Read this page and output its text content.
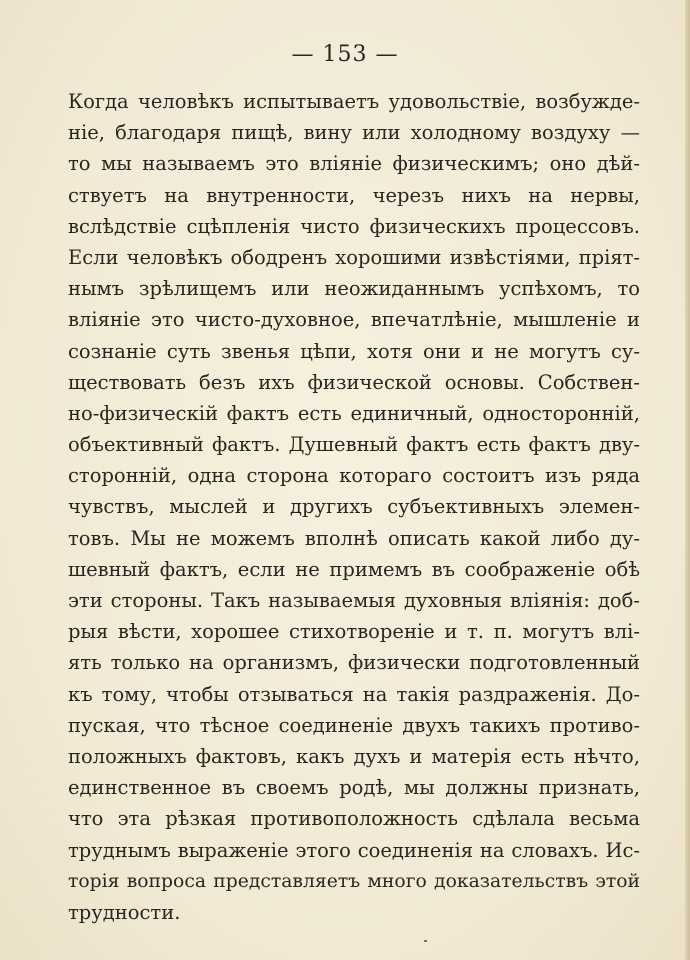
— 153 —
Когда человѣкъ испытываетъ удовольствіе, возбужде-
ніе, благодаря пищѣ, вину или холодному воздуху —
то мы называемъ это вліяніе физическимъ; оно дѣй-
ствуетъ на внутренности, черезъ нихъ на нервы,
вслѣдствіе сцѣпленія чисто физическихъ процессовъ.
Если человѣкъ ободренъ хорошими извѣстіями, пріят-
нымъ зрѣлищемъ или неожиданнымъ успѣхомъ, то
вліяніе это чисто-духовное, впечатлѣніе, мышленіе и
сознаніе суть звенья цѣпи, хотя они и не могутъ су-
ществовать безъ ихъ физической основы. Собствен-
но-физическій фактъ есть единичный, односторонній,
объективный фактъ. Душевный фактъ есть фактъ дву-
сторонній, одна сторона котораго состоитъ изъ ряда
чувствъ, мыслей и другихъ субъективныхъ элемен-
товъ. Мы не можемъ вполнѣ описать какой либо ду-
шевный фактъ, если не примемъ въ соображеніе обѣ
эти стороны. Такъ называемыя духовныя вліянія: доб-
рыя вѣсти, хорошее стихотвореніе и т. п. могутъ влі-
ять только на организмъ, физически подготовленный
къ тому, чтобы отзываться на такія раздраженія. До-
пуская, что тѣсное соединеніе двухъ такихъ противо-
положныхъ фактовъ, какъ духъ и матерія есть нѣчто,
единственное въ своемъ родѣ, мы должны признать,
что эта рѣзкая противоположность сдѣлала весьма
труднымъ выраженіе этого соединенія на словахъ. Ис-
торія вопроса представляетъ много доказательствъ этой
трудности.
